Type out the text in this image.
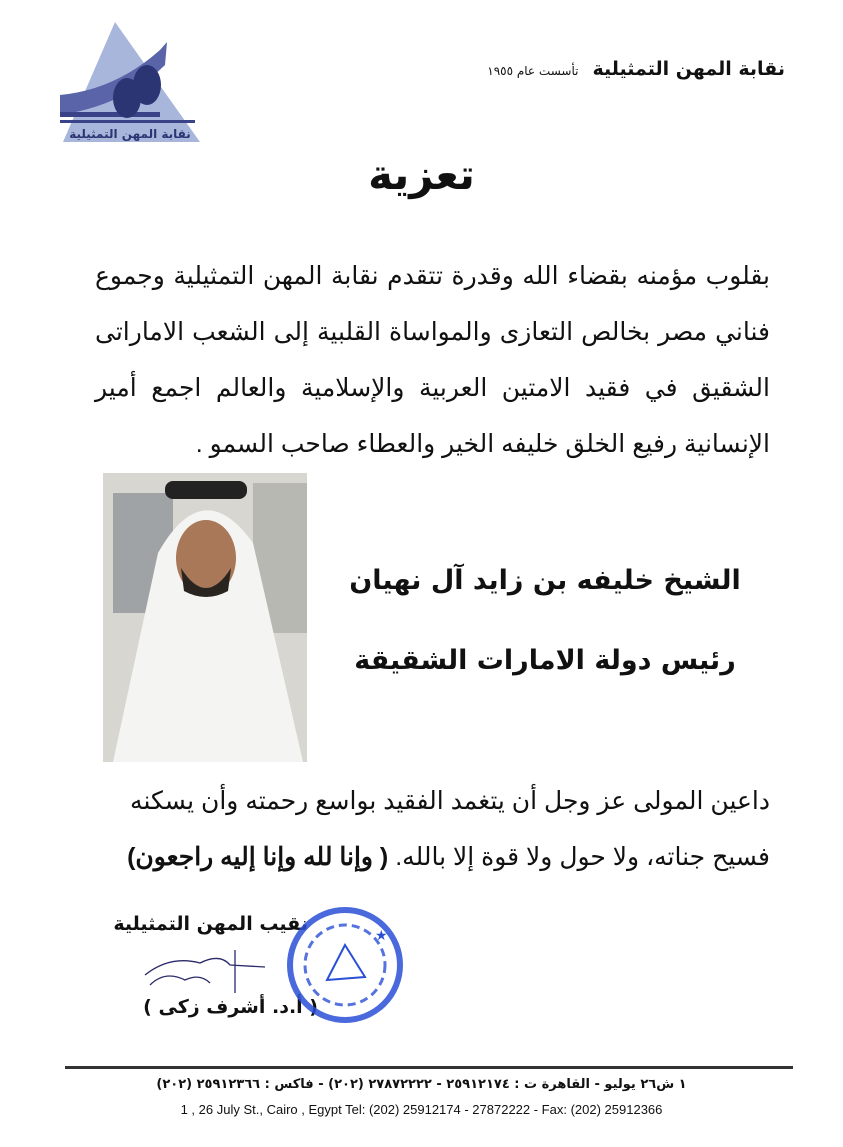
نقابة المهن التمثيلية
نقابة المهن التمثيلية
تأسست عام ١٩٥٥
تعزية
بقلوب مؤمنه بقضاء الله وقدرة تتقدم نقابة المهن التمثيلية وجموع فناني مصر بخالص التعازى والمواساة القلبية إلى الشعب الاماراتى الشقيق في فقيد الامتين العربية والإسلامية والعالم اجمع أمير الإنسانية رفيع الخلق خليفه الخير والعطاء صاحب السمو .
الشيخ خليفه بن زايد آل نهيان
رئيس دولة الامارات الشقيقة
داعين المولى عز وجل أن يتغمد الفقيد بواسع رحمته وأن يسكنه فسيح جناته، ولا حول ولا قوة إلا بالله. ( وإنا لله وإنا إليه راجعون)
نقيب المهن التمثيلية
( أ.د. أشرف زكى )
★
١ ش٢٦ يوليو - القاهرة ت : ٢٥٩١٢١٧٤ - ٢٧٨٧٢٢٢٢ (٢٠٢) - فاكس : ٢٥٩١٢٣٦٦ (٢٠٢)
1 , 26 July St., Cairo , Egypt Tel: (202) 25912174 - 27872222 - Fax: (202) 25912366
